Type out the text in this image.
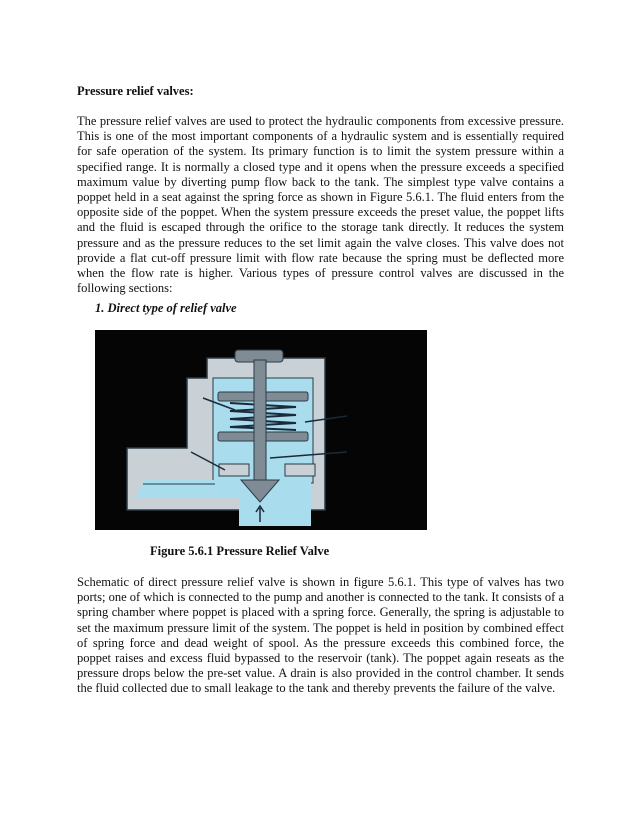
Pressure relief valves:

The pressure relief valves are used to protect the hydraulic components from excessive pressure. This is one of the most important components of a hydraulic system and is essentially required for safe operation of the system. Its primary function is to limit the system pressure within a specified range. It is normally a closed type and it opens when the pressure exceeds a specified maximum value by diverting pump flow back to the tank. The simplest type valve contains a poppet held in a seat against the spring force as shown in Figure 5.6.1. The fluid enters from the opposite side of the poppet. When the system pressure exceeds the preset value, the poppet lifts and the fluid is escaped through the orifice to the storage tank directly. It reduces the system pressure and as the pressure reduces to the set limit again the valve closes. This valve does not provide a flat cut-off pressure limit with flow rate because the spring must be deflected more when the flow rate is higher. Various types of pressure control valves are discussed in the following sections:

1. Direct type of relief valve
Figure 5.6.1 Pressure Relief Valve

Schematic of direct pressure relief valve is shown in figure 5.6.1. This type of valves has two ports; one of which is connected to the pump and another is connected to the tank. It consists of a spring chamber where poppet is placed with a spring force. Generally, the spring is adjustable to set the maximum pressure limit of the system. The poppet is held in position by combined effect of spring force and dead weight of spool. As the pressure exceeds this combined force, the poppet raises and excess fluid bypassed to the reservoir (tank). The poppet again reseats as the pressure drops below the pre-set value. A drain is also provided in the control chamber. It sends the fluid collected due to small leakage to the tank and thereby prevents the failure of the valve.
